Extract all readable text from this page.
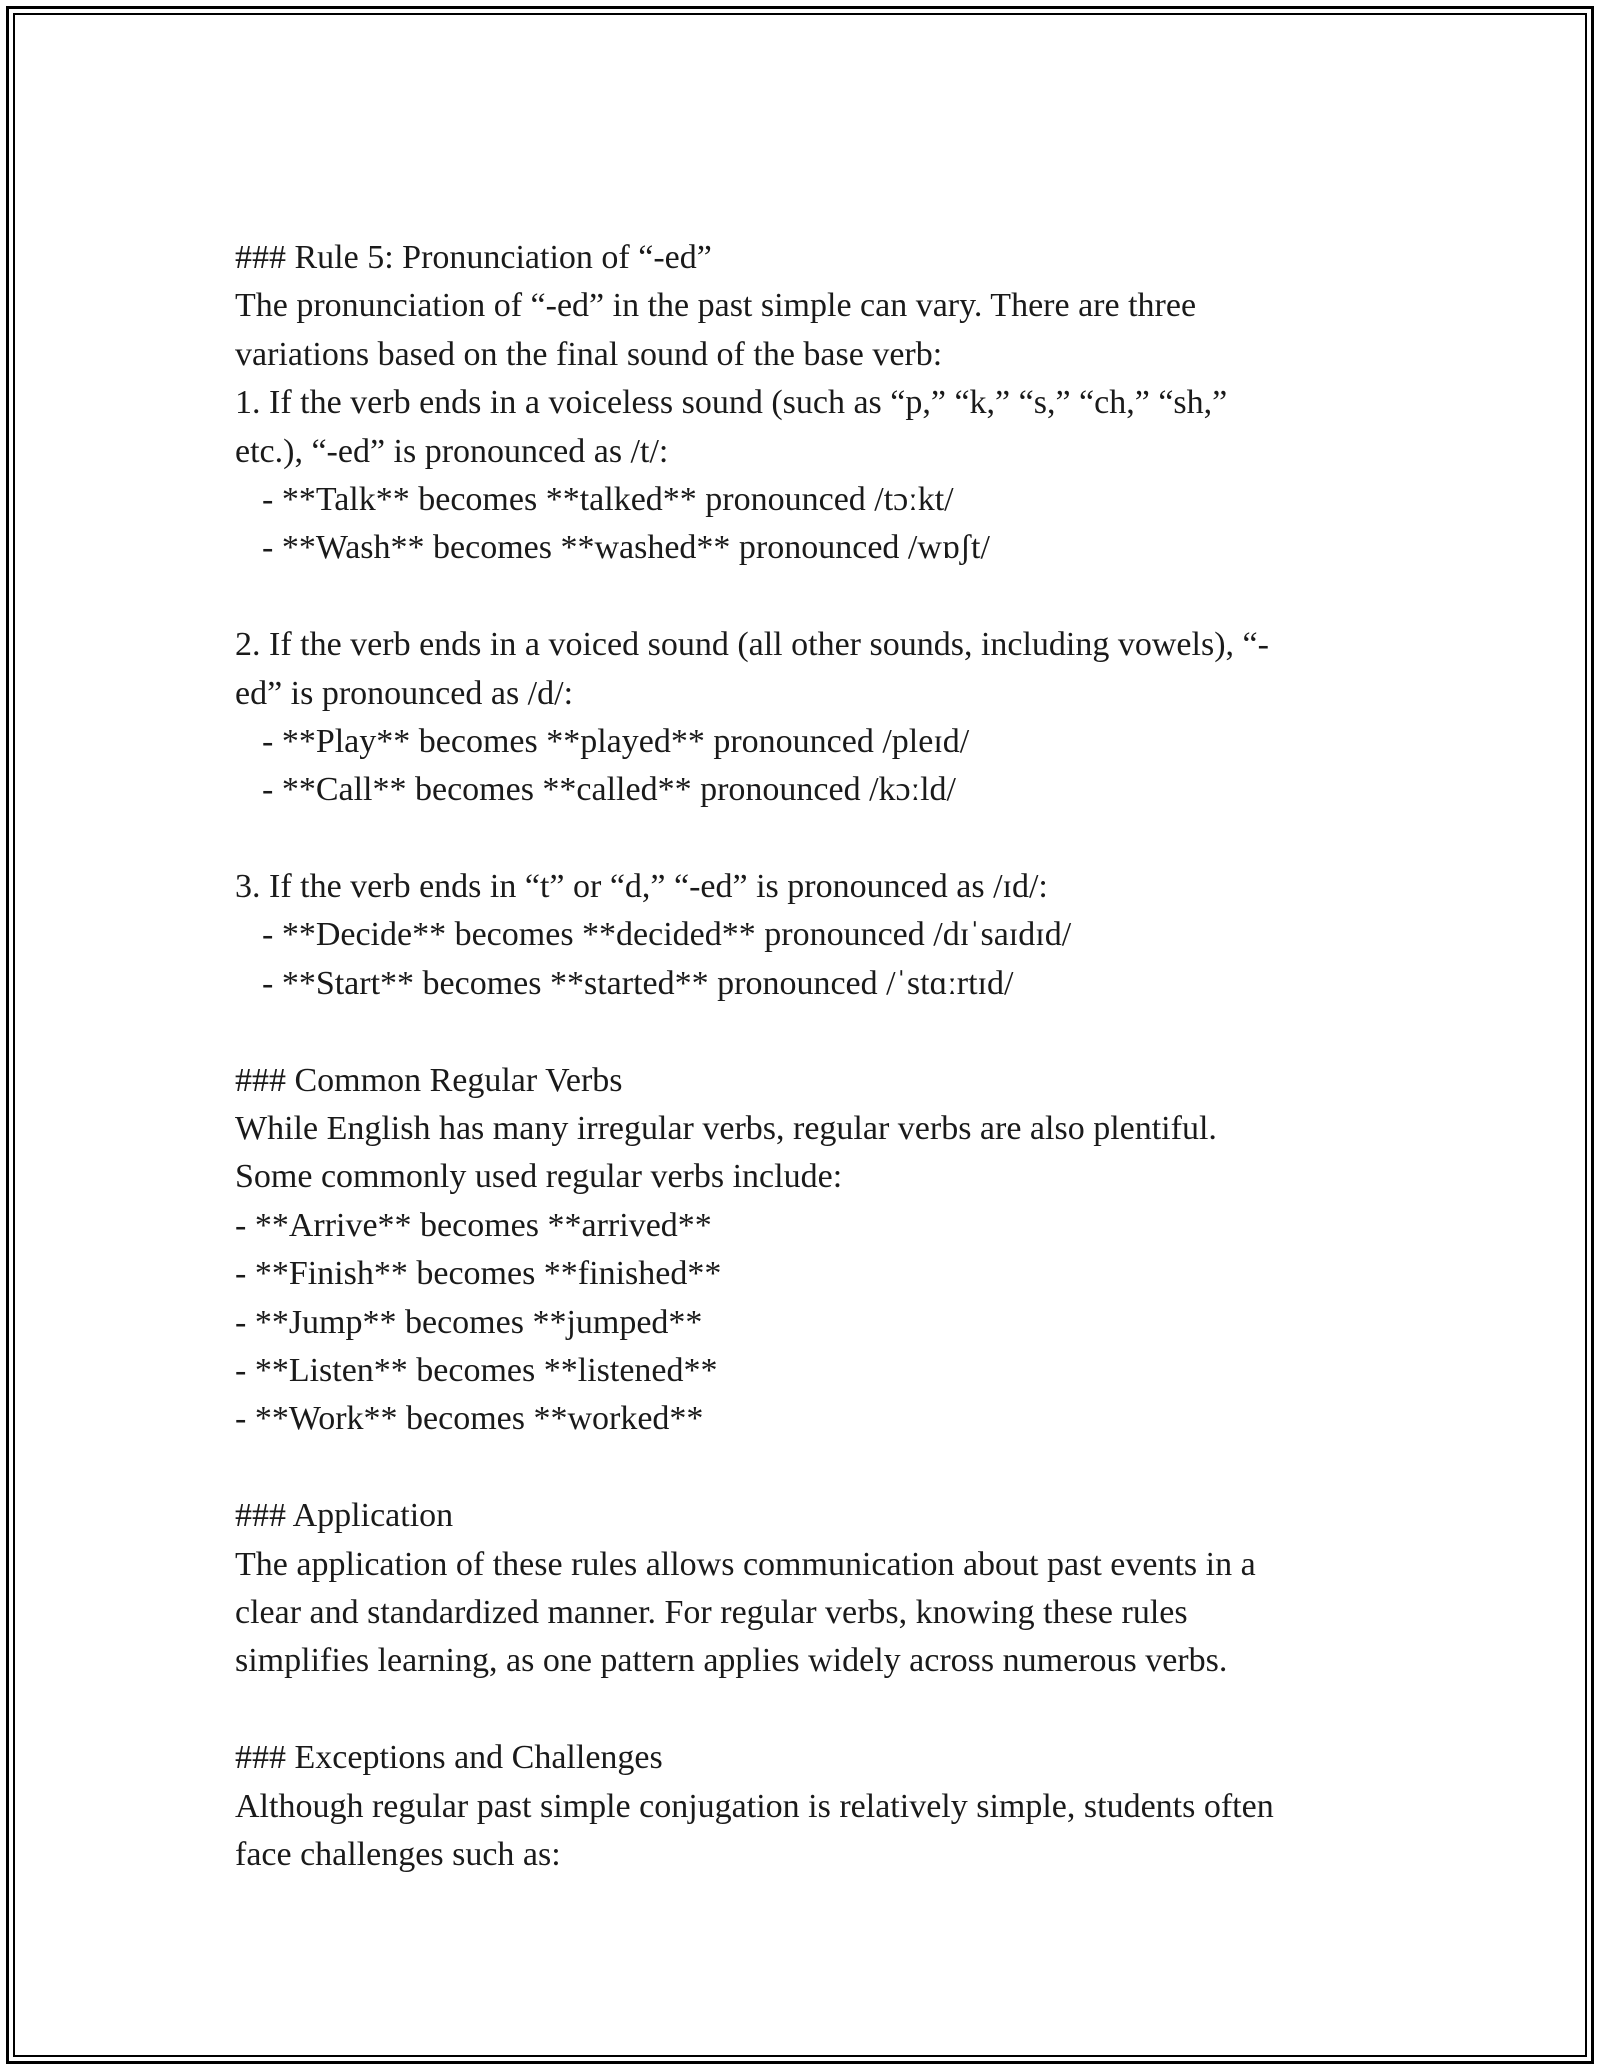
### Rule 5: Pronunciation of “-ed”
The pronunciation of “-ed” in the past simple can vary. There are three
variations based on the final sound of the base verb:
1. If the verb ends in a voiceless sound (such as “p,” “k,” “s,” “ch,” “sh,”
etc.), “-ed” is pronounced as /t/:
- **Talk** becomes **talked** pronounced /tɔːkt/
- **Wash** becomes **washed** pronounced /wɒʃt/
2. If the verb ends in a voiced sound (all other sounds, including vowels), “-
ed” is pronounced as /d/:
- **Play** becomes **played** pronounced /pleɪd/
- **Call** becomes **called** pronounced /kɔːld/
3. If the verb ends in “t” or “d,” “-ed” is pronounced as /ɪd/:
- **Decide** becomes **decided** pronounced /dɪˈsaɪdɪd/
- **Start** becomes **started** pronounced /ˈstɑːrtɪd/
### Common Regular Verbs
While English has many irregular verbs, regular verbs are also plentiful.
Some commonly used regular verbs include:
- **Arrive** becomes **arrived**
- **Finish** becomes **finished**
- **Jump** becomes **jumped**
- **Listen** becomes **listened**
- **Work** becomes **worked**
### Application
The application of these rules allows communication about past events in a
clear and standardized manner. For regular verbs, knowing these rules
simplifies learning, as one pattern applies widely across numerous verbs.
### Exceptions and Challenges
Although regular past simple conjugation is relatively simple, students often
face challenges such as:
